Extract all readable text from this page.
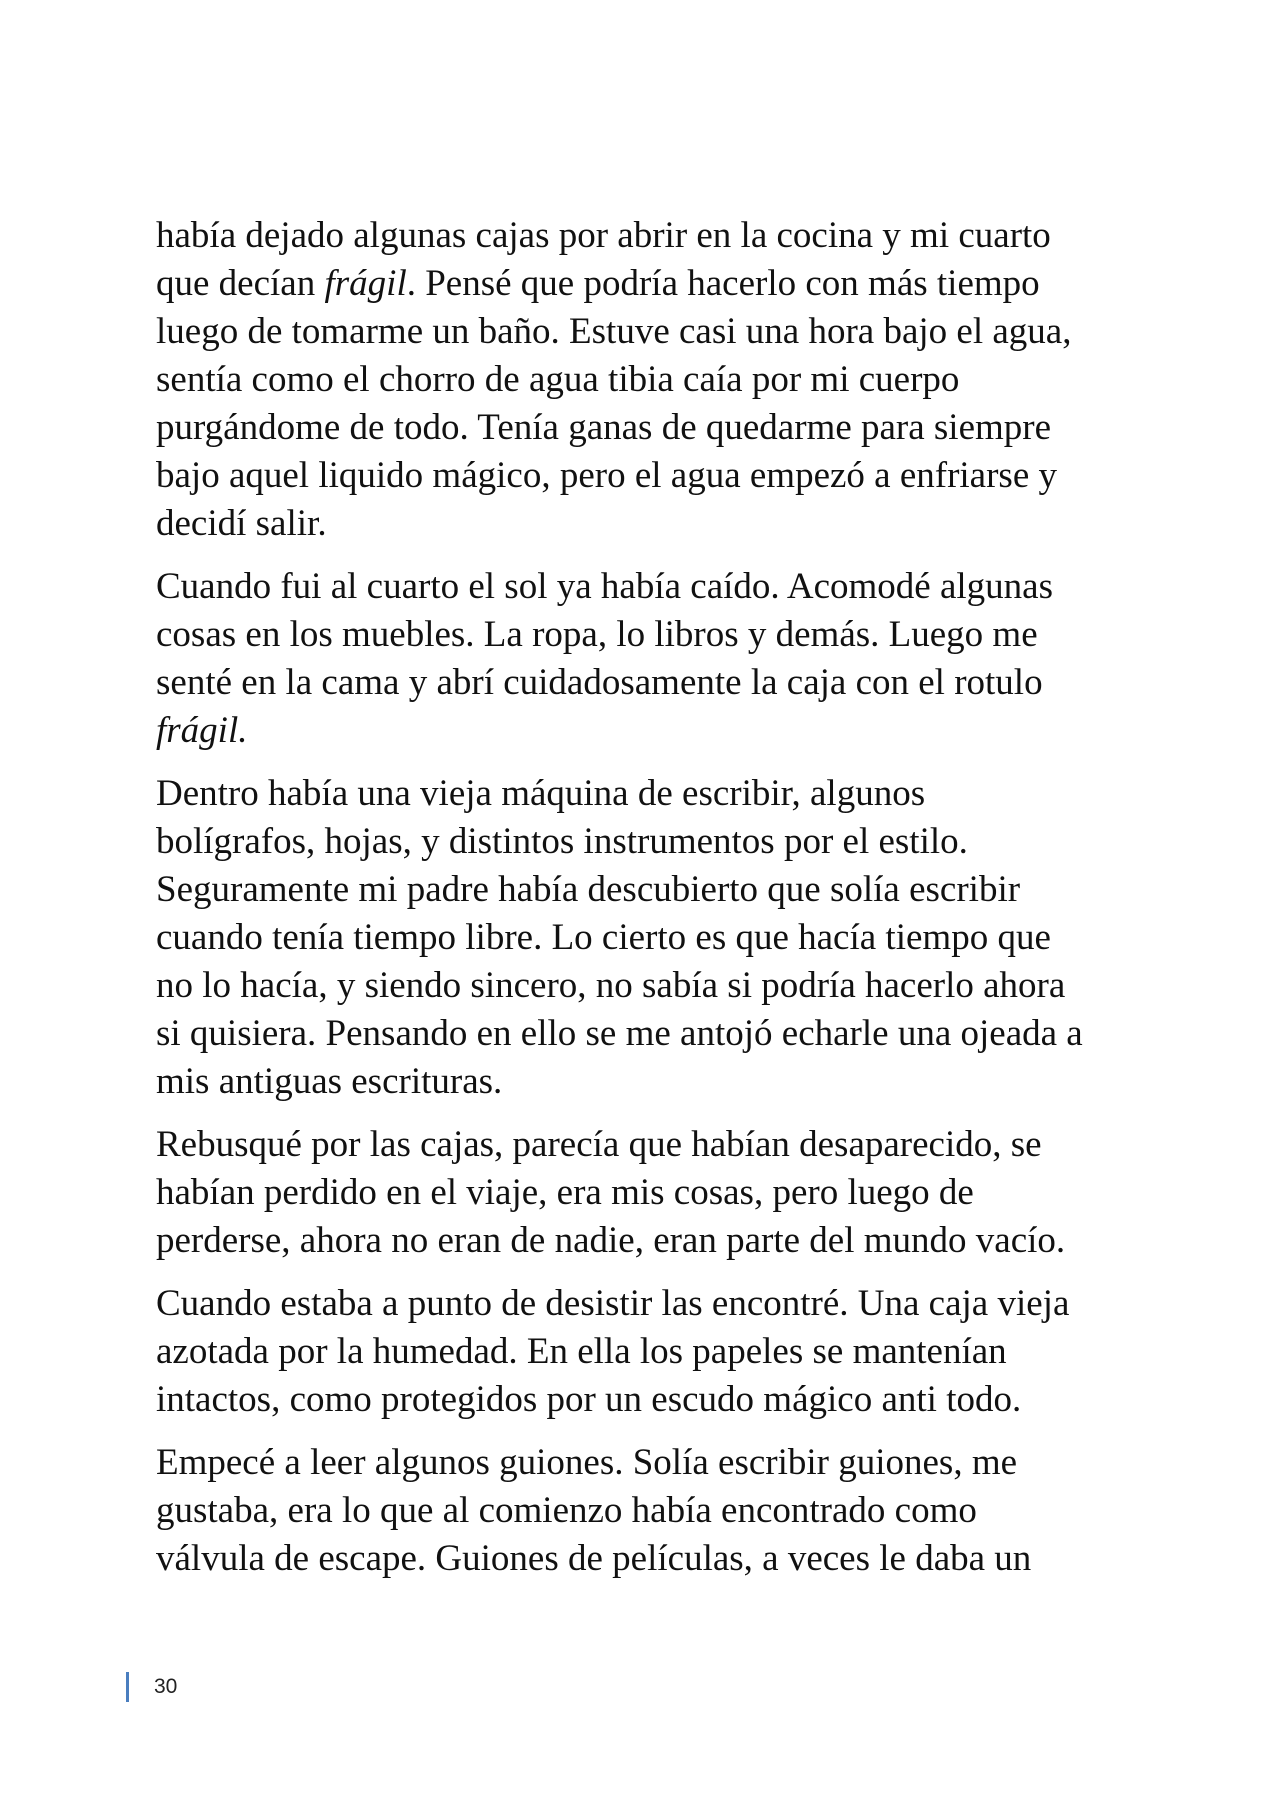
había dejado algunas cajas por abrir en la cocina y mi cuarto
que decían frágil. Pensé que podría hacerlo con más tiempo
luego de tomarme un baño. Estuve casi una hora bajo el agua,
sentía como el chorro de agua tibia caía por mi cuerpo
purgándome de todo. Tenía ganas de quedarme para siempre
bajo aquel liquido mágico, pero el agua empezó a enfriarse y
decidí salir.

Cuando fui al cuarto el sol ya había caído. Acomodé algunas
cosas en los muebles. La ropa, lo libros y demás. Luego me
senté en la cama y abrí cuidadosamente la caja con el rotulo
frágil.

Dentro había una vieja máquina de escribir, algunos
bolígrafos, hojas, y distintos instrumentos por el estilo.
Seguramente mi padre había descubierto que solía escribir
cuando tenía tiempo libre. Lo cierto es que hacía tiempo que
no lo hacía, y siendo sincero, no sabía si podría hacerlo ahora
si quisiera. Pensando en ello se me antojó echarle una ojeada a
mis antiguas escrituras.

Rebusqué por las cajas, parecía que habían desaparecido, se
habían perdido en el viaje, era mis cosas, pero luego de
perderse, ahora no eran de nadie, eran parte del mundo vacío.

Cuando estaba a punto de desistir las encontré. Una caja vieja
azotada por la humedad. En ella los papeles se mantenían
intactos, como protegidos por un escudo mágico anti todo.

Empecé a leer algunos guiones. Solía escribir guiones, me
gustaba, era lo que al comienzo había encontrado como
válvula de escape. Guiones de películas, a veces le daba un

30
